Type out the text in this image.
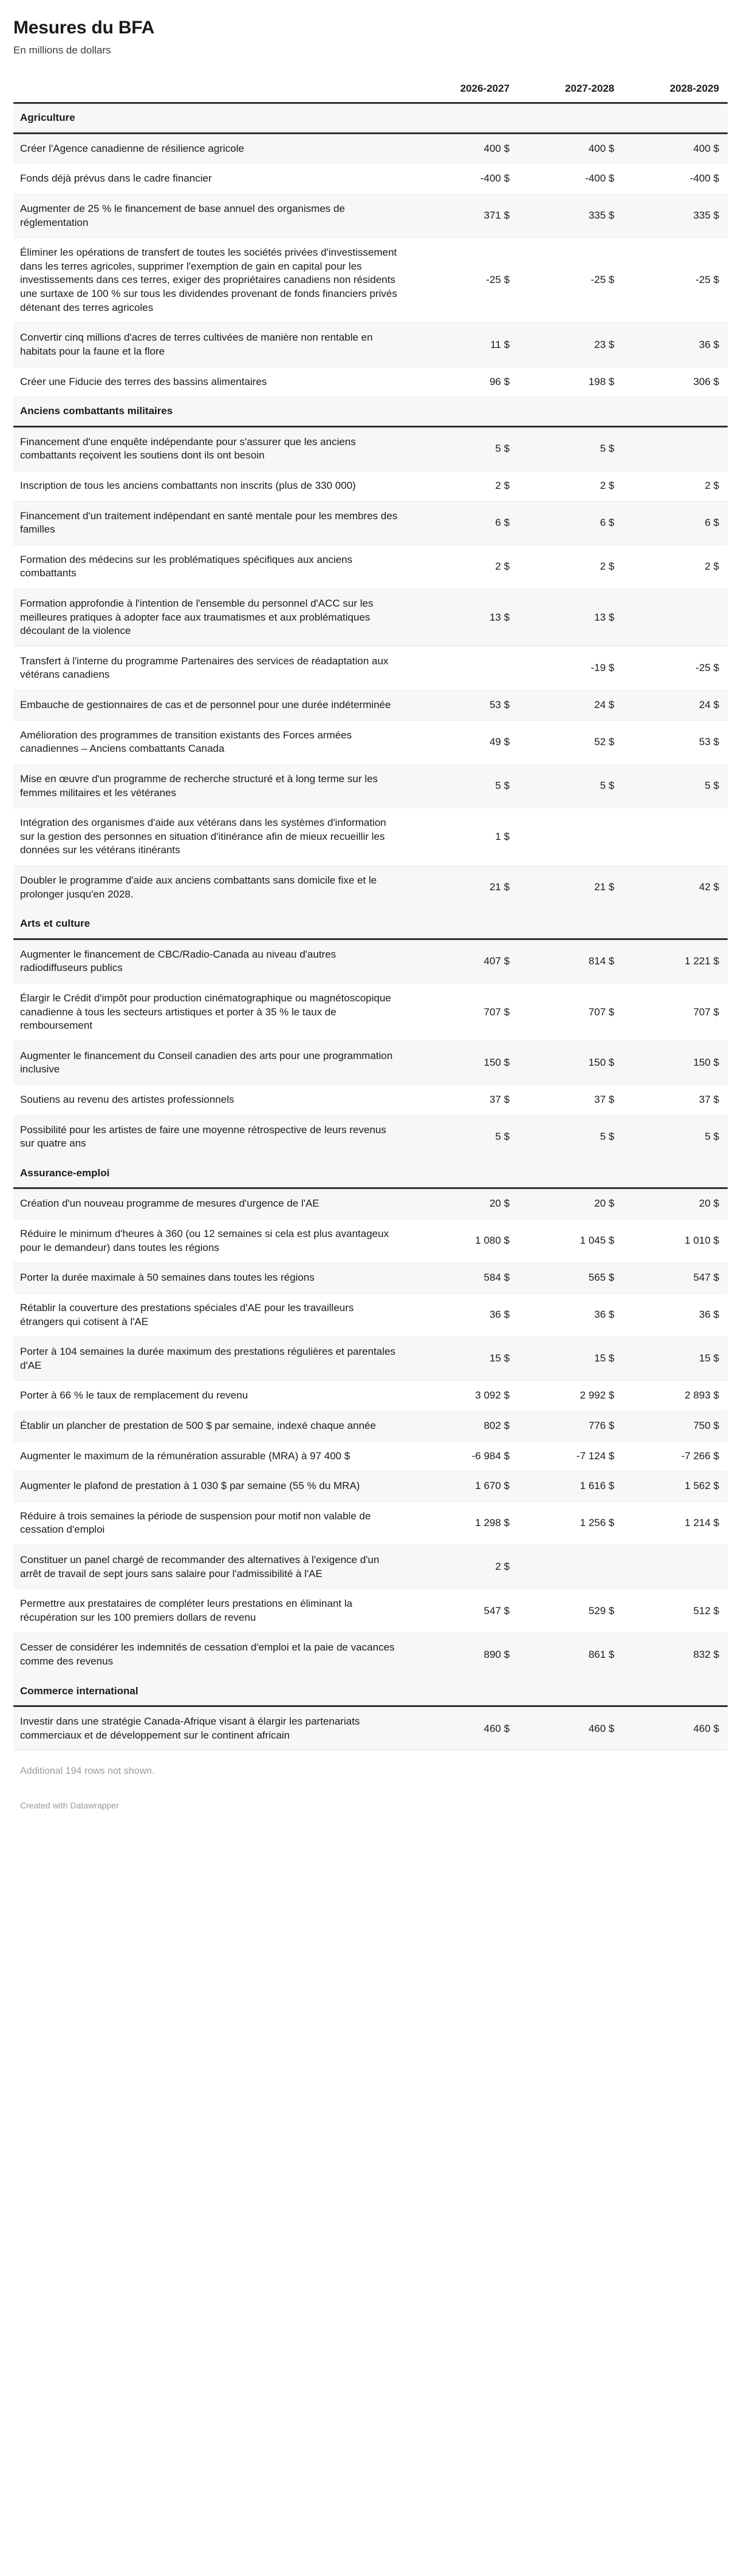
Mesures du BFA
En millions de dollars
	2026-2027	2027-2028	2028-2029
Agriculture			
Créer l'Agence canadienne de résilience agricole	400 $	400 $	400 $
Fonds déjà prévus dans le cadre financier	-400 $	-400 $	-400 $
Augmenter de 25 % le financement de base annuel des organismes de réglementation	371 $	335 $	335 $
Éliminer les opérations de transfert de toutes les sociétés privées d'investissement dans les terres agricoles, supprimer l'exemption de gain en capital pour les investissements dans ces terres, exiger des propriétaires canadiens non résidents une surtaxe de 100 % sur tous les dividendes provenant de fonds financiers privés détenant des terres agricoles	-25 $	-25 $	-25 $
Convertir cinq millions d'acres de terres cultivées de manière non rentable en habitats pour la faune et la flore	11 $	23 $	36 $
Créer une Fiducie des terres des bassins alimentaires	96 $	198 $	306 $
Anciens combattants militaires			
Financement d'une enquête indépendante pour s'assurer que les anciens combattants reçoivent les soutiens dont ils ont besoin	5 $	5 $	
Inscription de tous les anciens combattants non inscrits (plus de 330 000)	2 $	2 $	2 $
Financement d'un traitement indépendant en santé mentale pour les membres des familles	6 $	6 $	6 $
Formation des médecins sur les problématiques spécifiques aux anciens combattants	2 $	2 $	2 $
Formation approfondie à l'intention de l'ensemble du personnel d'ACC sur les meilleures pratiques à adopter face aux traumatismes et aux problématiques découlant de la violence	13 $	13 $	
Transfert à l'interne du programme Partenaires des services de réadaptation aux vétérans canadiens		-19 $	-25 $
Embauche de gestionnaires de cas et de personnel pour une durée indéterminée	53 $	24 $	24 $
Amélioration des programmes de transition existants des Forces armées canadiennes – Anciens combattants Canada	49 $	52 $	53 $
Mise en œuvre d'un programme de recherche structuré et à long terme sur les femmes militaires et les vétéranes	5 $	5 $	5 $
Intégration des organismes d'aide aux vétérans dans les systèmes d'information sur la gestion des personnes en situation d'itinérance afin de mieux recueillir les données sur les vétérans itinérants	1 $		
Doubler le programme d'aide aux anciens combattants sans domicile fixe et le prolonger jusqu'en 2028.	21 $	21 $	42 $
Arts et culture			
Augmenter le financement de CBC/Radio-Canada au niveau d'autres radiodiffuseurs publics	407 $	814 $	1 221 $
Élargir le Crédit d'impôt pour production cinématographique ou magnétoscopique canadienne à tous les secteurs artistiques et porter à 35 % le taux de remboursement	707 $	707 $	707 $
Augmenter le financement du Conseil canadien des arts pour une programmation inclusive	150 $	150 $	150 $
Soutiens au revenu des artistes professionnels	37 $	37 $	37 $
Possibilité pour les artistes de faire une moyenne rétrospective de leurs revenus sur quatre ans	5 $	5 $	5 $
Assurance-emploi			
Création d'un nouveau programme de mesures d'urgence de l'AE	20 $	20 $	20 $
Réduire le minimum d'heures à 360 (ou 12 semaines si cela est plus avantageux pour le demandeur) dans toutes les régions	1 080 $	1 045 $	1 010 $
Porter la durée maximale à 50 semaines dans toutes les régions	584 $	565 $	547 $
Rétablir la couverture des prestations spéciales d'AE pour les travailleurs étrangers qui cotisent à l'AE	36 $	36 $	36 $
Porter à 104 semaines la durée maximum des prestations régulières et parentales d'AE	15 $	15 $	15 $
Porter à 66 % le taux de remplacement du revenu	3 092 $	2 992 $	2 893 $
Établir un plancher de prestation de 500 $ par semaine, indexé chaque année	802 $	776 $	750 $
Augmenter le maximum de la rémunération assurable (MRA) à 97 400 $	-6 984 $	-7 124 $	-7 266 $
Augmenter le plafond de prestation à 1 030 $ par semaine (55 % du MRA)	1 670 $	1 616 $	1 562 $
Réduire à trois semaines la période de suspension pour motif non valable de cessation d'emploi	1 298 $	1 256 $	1 214 $
Constituer un panel chargé de recommander des alternatives à l'exigence d'un arrêt de travail de sept jours sans salaire pour l'admissibilité à l'AE	2 $		
Permettre aux prestataires de compléter leurs prestations en éliminant la récupération sur les 100 premiers dollars de revenu	547 $	529 $	512 $
Cesser de considérer les indemnités de cessation d'emploi et la paie de vacances comme des revenus	890 $	861 $	832 $
Commerce international			
Investir dans une stratégie Canada-Afrique visant à élargir les partenariats commerciaux et de développement sur le continent africain	460 $	460 $	460 $
Additional 194 rows not shown.
Created with Datawrapper
